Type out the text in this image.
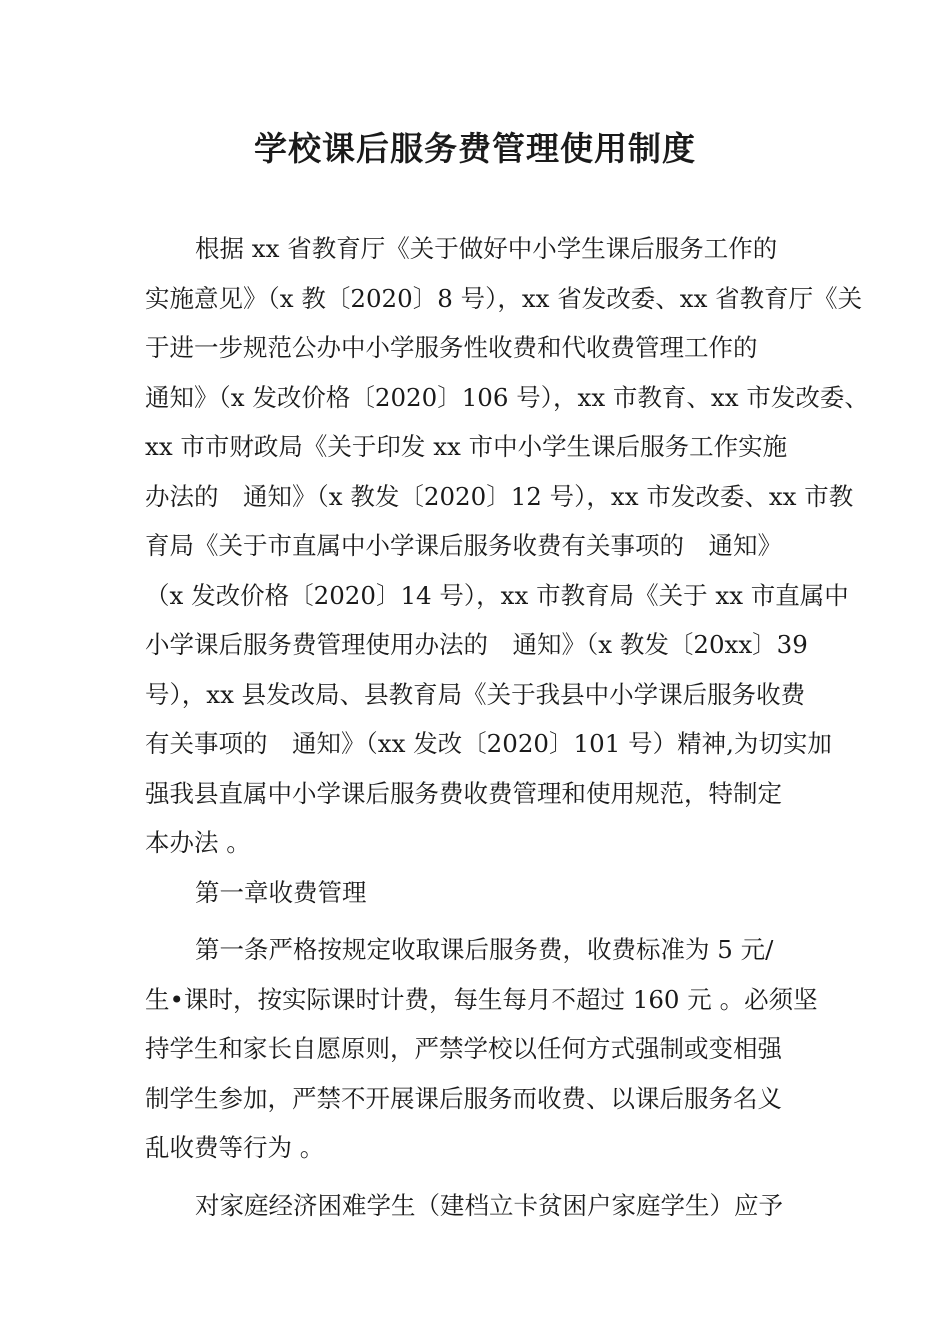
学校课后服务费管理使用制度
根据 xx 省教育厅《关于做好中小学生课后服务工作的
实施意见》（x 教〔2020〕8 号），xx 省发改委、xx 省教育厅《关
于进一步规范公办中小学服务性收费和代收费管理工作的
通知》（x 发改价格〔2020〕106 号），xx 市教育、xx 市发改委、
xx 市市财政局《关于印发 xx 市中小学生课后服务工作实施
办法的　通知》（x 教发〔2020〕12 号），xx 市发改委、xx 市教
育局《关于市直属中小学课后服务收费有关事项的　通知》
（x 发改价格〔2020〕14 号），xx 市教育局《关于 xx 市直属中
小学课后服务费管理使用办法的　通知》（x 教发〔20xx〕39
号），xx 县发改局、县教育局《关于我县中小学课后服务收费
有关事项的　通知》（xx 发改〔2020〕101 号）精神,为切实加
强我县直属中小学课后服务费收费管理和使用规范，特制定
本办法 。
第一章收费管理
第一条严格按规定收取课后服务费，收费标准为 5 元/
生•课时，按实际课时计费，每生每月不超过 160 元 。必须坚
持学生和家长自愿原则，严禁学校以任何方式强制或变相强
制学生参加，严禁不开展课后服务而收费、以课后服务名义
乱收费等行为 。
对家庭经济困难学生（建档立卡贫困户家庭学生）应予
